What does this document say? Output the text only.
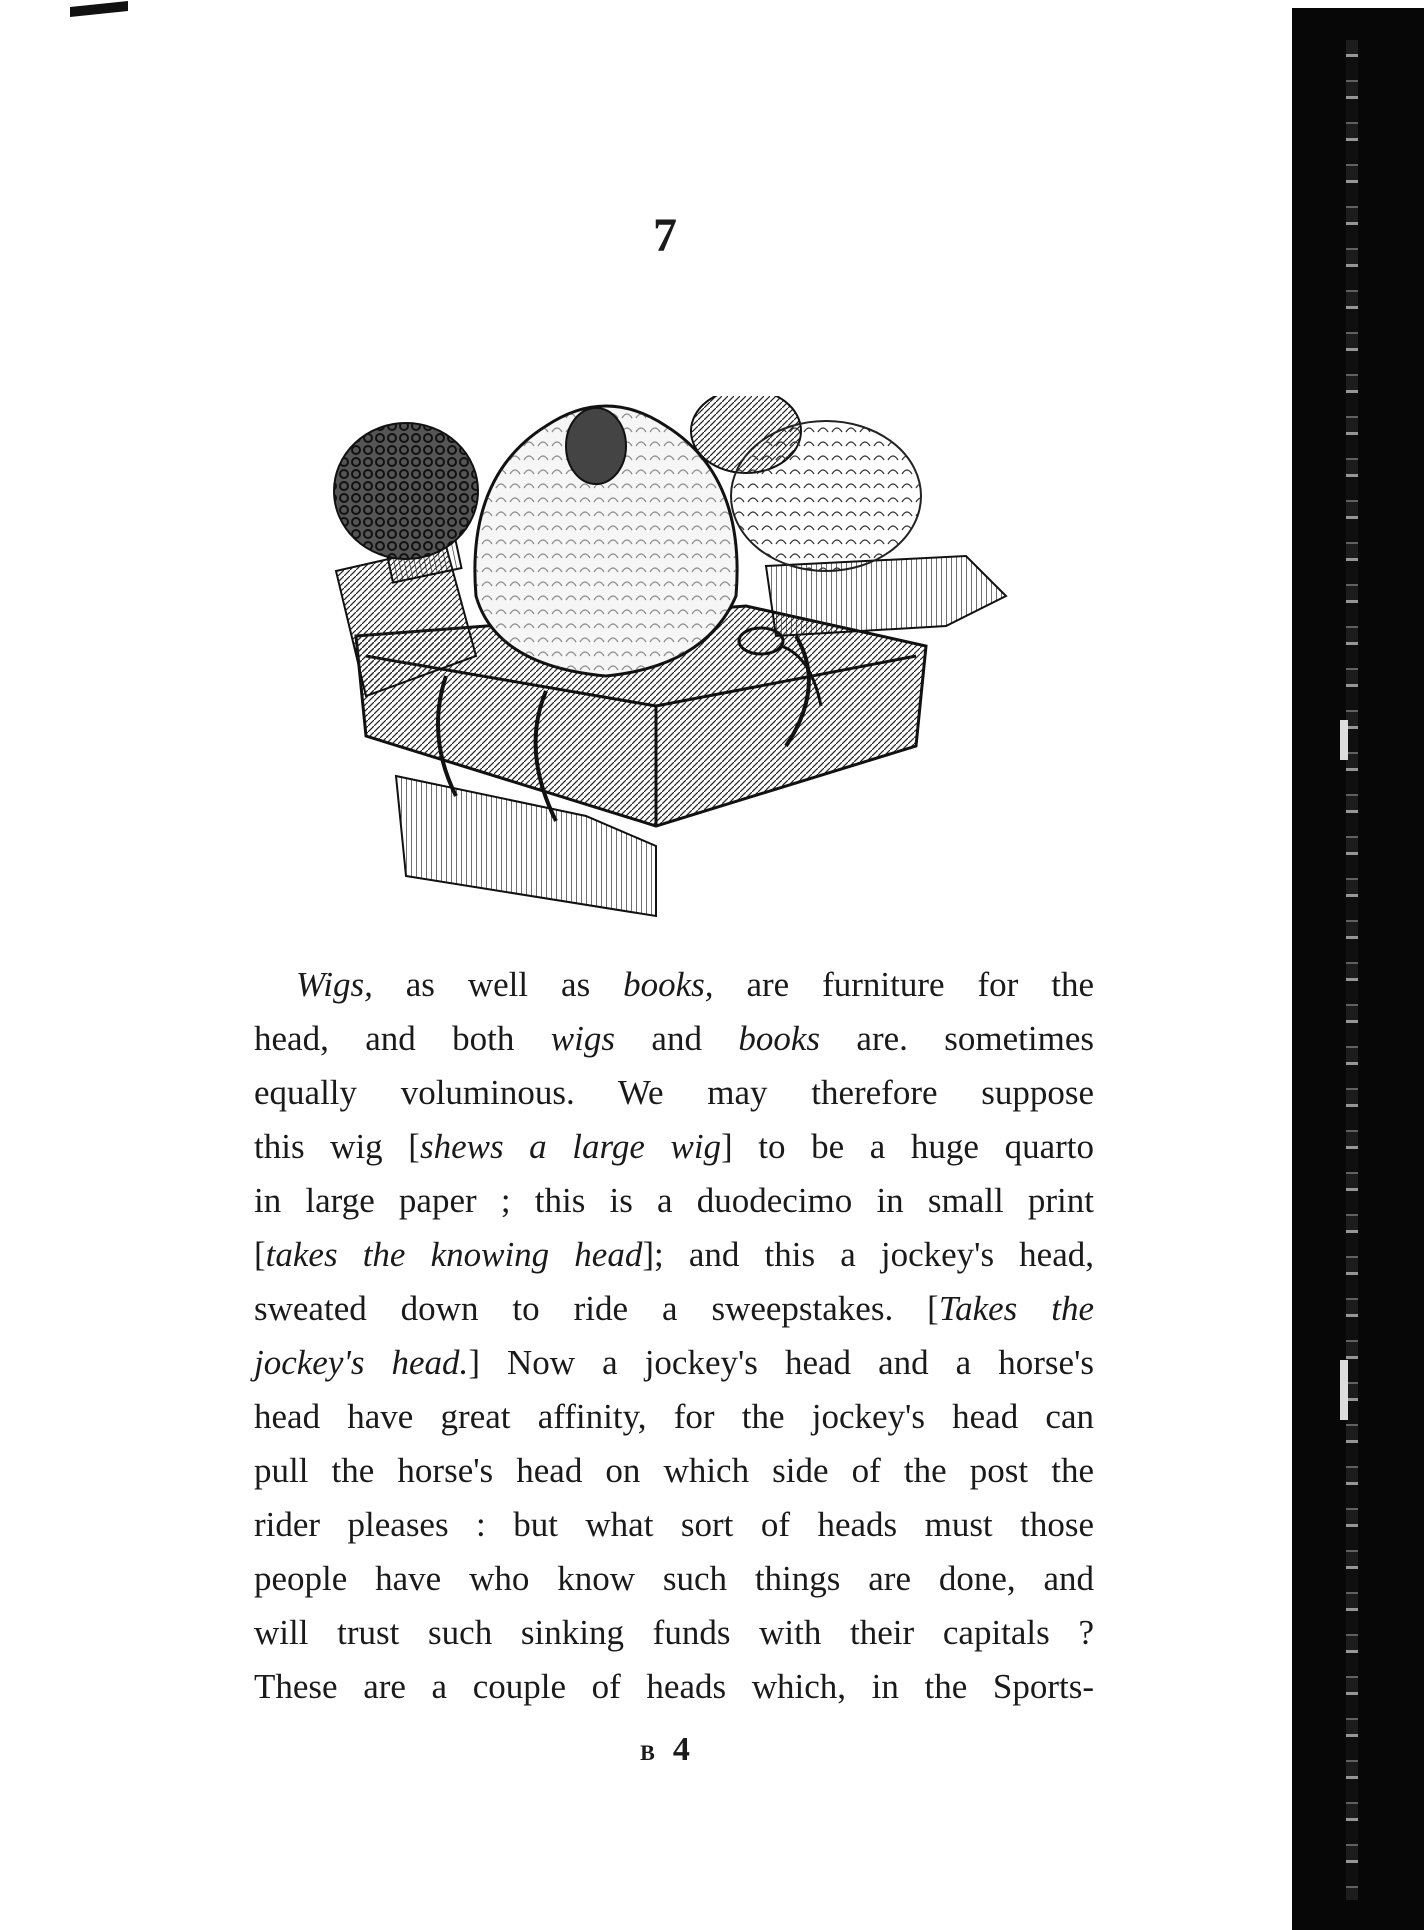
7
Wigs, as well as books, are furniture for the
head, and both wigs and books are. sometimes
equally voluminous. We may therefore suppose
this wig [shews a large wig] to be a huge quarto
in large paper ; this is a duodecimo in small print
[takes the knowing head]; and this a jockey's head,
sweated down to ride a sweepstakes. [Takes the
jockey's head.] Now a jockey's head and a horse's
head have great affinity, for the jockey's head can
pull the horse's head on which side of the post the
rider pleases : but what sort of heads must those
people have who know such things are done, and
will trust such sinking funds with their capitals ?
These are a couple of heads which, in the Sports-
B 4
